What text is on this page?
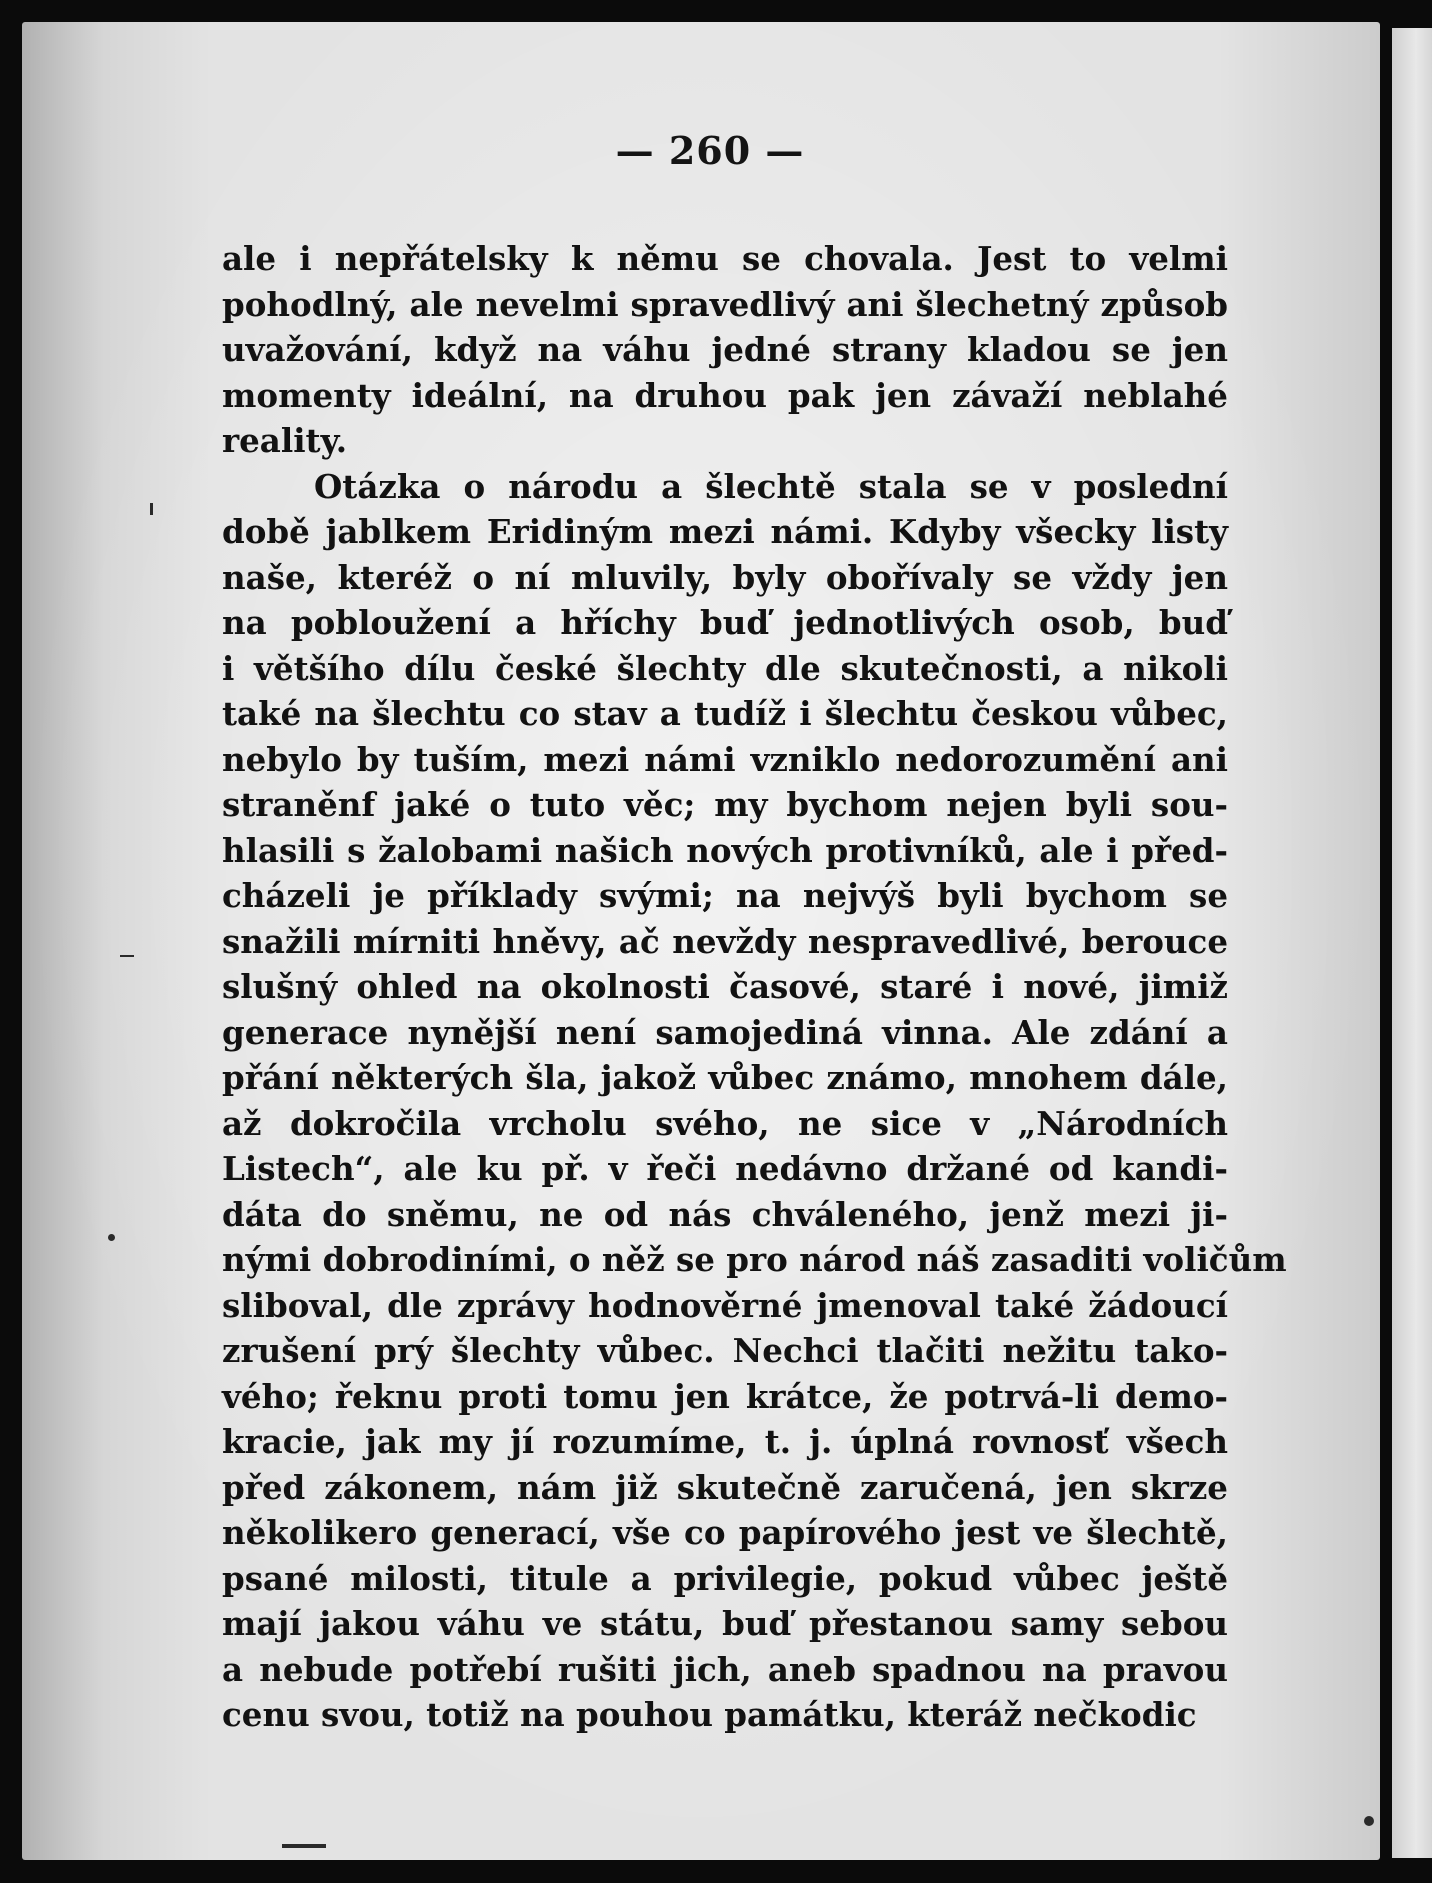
— 260 —
ale i nepřátelsky k němu se chovala. Jest to velmi
pohodlný, ale nevelmi spravedlivý ani šlechetný způsob
uvažování, když na váhu jedné strany kladou se jen
momenty ideální, na druhou pak jen závaží neblahé
reality.
Otázka o národu a šlechtě stala se v poslední
době jablkem Eridiným mezi námi. Kdyby všecky listy
naše, kteréž o ní mluvily, byly obořívaly se vždy jen
na pobloužení a hříchy buď jednotlivých osob, buď
i většího dílu české šlechty dle skutečnosti, a nikoli
také na šlechtu co stav a tudíž i šlechtu českou vůbec,
nebylo by tuším, mezi námi vzniklo nedorozumění ani
straněnf jaké o tuto věc; my bychom nejen byli sou-
hlasili s žalobami našich nových protivníků, ale i před-
cházeli je příklady svými; na nejvýš byli bychom se
snažili mírniti hněvy, ač nevždy nespravedlivé, berouce
slušný ohled na okolnosti časové, staré i nové, jimiž
generace nynější není samojediná vinna. Ale zdání a
přání některých šla, jakož vůbec známo, mnohem dále,
až dokročila vrcholu svého, ne sice v „Národních
Listech“, ale ku př. v řeči nedávno držané od kandi-
dáta do sněmu, ne od nás chváleného, jenž mezi ji-
nými dobrodiními, o něž se pro národ náš zasaditi voličům
sliboval, dle zprávy hodnověrné jmenoval také žádoucí
zrušení prý šlechty vůbec. Nechci tlačiti nežitu tako-
vého; řeknu proti tomu jen krátce, že potrvá-li demo-
kracie, jak my jí rozumíme, t. j. úplná rovnosť všech
před zákonem, nám již skutečně zaručená, jen skrze
několikero generací, vše co papírového jest ve šlechtě,
psané milosti, titule a privilegie, pokud vůbec ještě
mají jakou váhu ve státu, buď přestanou samy sebou
a nebude potřebí rušiti jich, aneb spadnou na pravou
cenu svou, totiž na pouhou památku, kteráž nečkodic
